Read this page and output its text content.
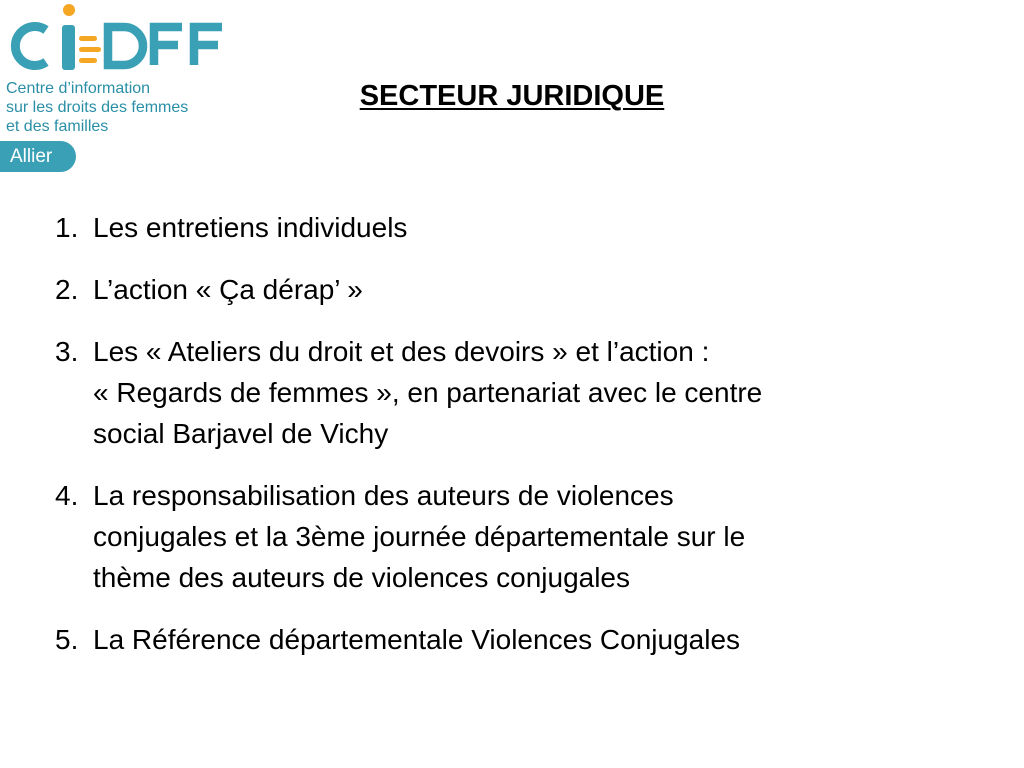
Centre d’information

sur les droits des femmes

et des familles

Allier
SECTEUR JURIDIQUE
1. Les entretiens individuels
2. L’action « Ça dérap’ »
3. Les « Ateliers du droit et des devoirs » et l’action :
« Regards de femmes », en partenariat avec le centre
social Barjavel de Vichy
4. La responsabilisation des auteurs de violences
conjugales et la 3ème journée départementale sur le
thème des auteurs de violences conjugales
5. La Référence départementale Violences Conjugales
